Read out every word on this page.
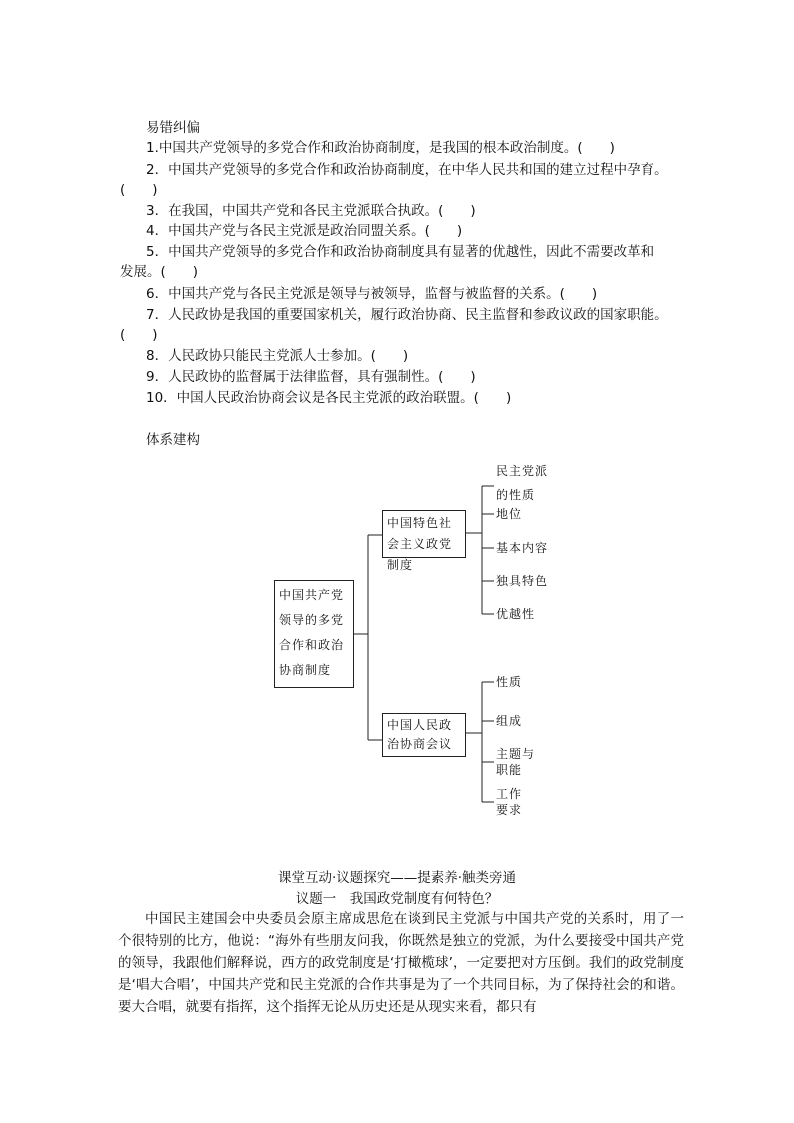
易错纠偏
1.中国共产党领导的多党合作和政治协商制度，是我国的根本政治制度。(　　)
2．中国共产党领导的多党合作和政治协商制度，在中华人民共和国的建立过程中孕育。
(　　)
3．在我国，中国共产党和各民主党派联合执政。(　　)
4．中国共产党与各民主党派是政治同盟关系。(　　)
5．中国共产党领导的多党合作和政治协商制度具有显著的优越性，因此不需要改革和
发展。(　　)
6．中国共产党与各民主党派是领导与被领导，监督与被监督的关系。(　　)
7．人民政协是我国的重要国家机关，履行政治协商、民主监督和参政议政的国家职能。
(　　)
8．人民政协只能民主党派人士参加。(　　)
9．人民政协的监督属于法律监督，具有强制性。(　　)
10．中国人民政治协商会议是各民主党派的政治联盟。(　　)
体系建构
中国共产党领导的多党合作和政治协商制度
中国特色社会主义政党制度
中国人民政治协商会议
民主党派
的性质
地位
基本内容
独具特色
优越性
性质
组成
主题与
职能
工作
要求
课堂互动·议题探究——提素养·触类旁通
议题一　我国政党制度有何特色？
中国民主建国会中央委员会原主席成思危在谈到民主党派与中国共产党的关系时，用了一个很特别的比方，他说：“海外有些朋友问我，你既然是独立的党派，为什么要接受中国共产党的领导，我跟他们解释说，西方的政党制度是‘打橄榄球’，一定要把对方压倒。我们的政党制度是‘唱大合唱’，中国共产党和民主党派的合作共事是为了一个共同目标，为了保持社会的和谐。要大合唱，就要有指挥，这个指挥无论从历史还是从现实来看，都只有
